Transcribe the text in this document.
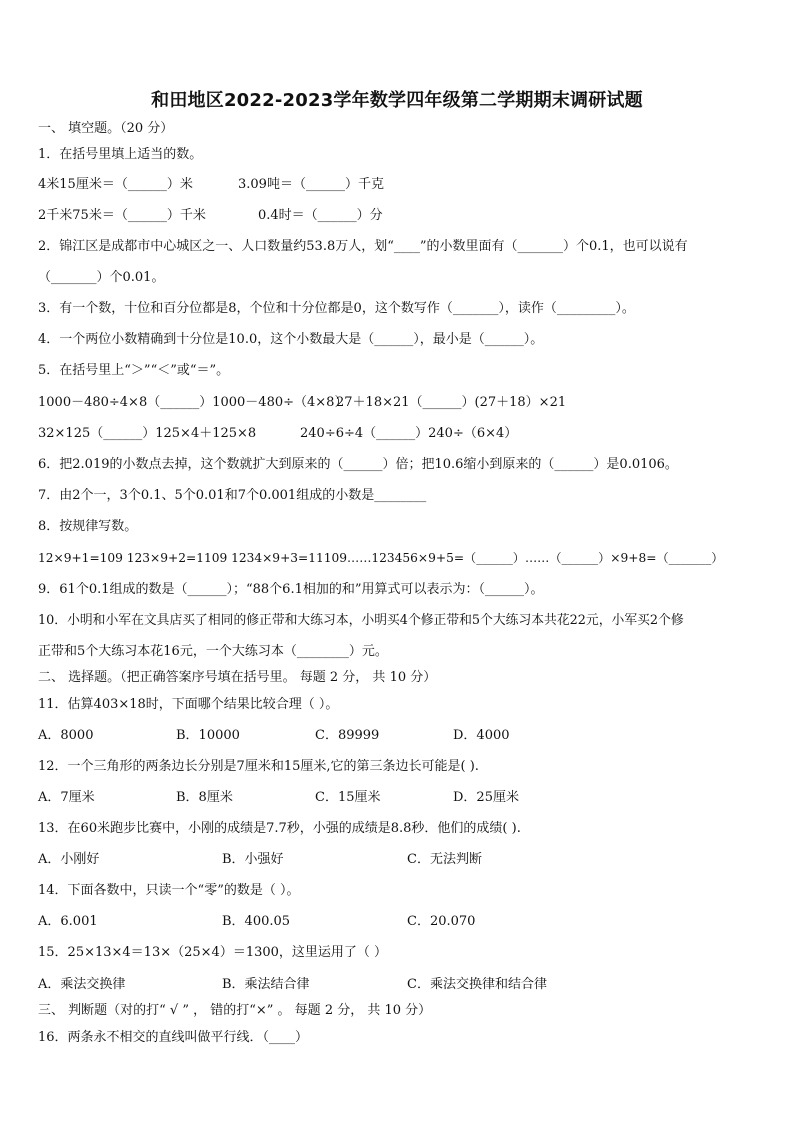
和田地区2022-2023学年数学四年级第二学期期末调研试题
一、 填空题。（20 分）
1．在括号里填上适当的数。
4米15厘米＝（______）米	3.09吨＝（______）千克
2千米75米＝（______）千米	0.4时＝（______）分
2．锦江区是成都市中心城区之一、人口数量约53.8万人，划“____”的小数里面有（_______）个0.1，也可以说有
（_______）个0.01。
3．有一个数，十位和百分位都是8，个位和十分位都是0，这个数写作（_______），读作（_________）。
4．一个两位小数精确到十分位是10.0，这个小数最大是（______），最小是（______）。
5．在括号里上“＞”“＜”或“＝”。
1000－480÷4×8（______）1000－480÷（4×8）
27＋18×21（______）(27＋18）×21
32×125（______）125×4＋125×8	240÷6÷4（______）240÷（6×4）
6．把2.019的小数点去掉，这个数就扩大到原来的（______）倍；把10.6缩小到原来的（______）是0.0106。
7．由2个一，3个0.1、5个0.01和7个0.001组成的小数是________
8．按规律写数。
12×9+1=109 123×9+2=1109 1234×9+3=11109……123456×9+5=（______）……（______）×9+8=（_______）
9．61个0.1组成的数是（______）；“88个6.1相加的和”用算式可以表示为：（______）。
10．小明和小军在文具店买了相同的修正带和大练习本，小明买4个修正带和5个大练习本共花22元，小军买2个修
正带和5个大练习本花16元，一个大练习本（________）元。
二、 选择题。（把正确答案序号填在括号里。 每题 2 分， 共 10 分）
11．估算403×18时，下面哪个结果比较合理（ ）。
A．8000	B．10000	C．89999	D．4000
12．一个三角形的两条边长分别是7厘米和15厘米,它的第三条边长可能是( ).
A．7厘米	B．8厘米	C．15厘米	D．25厘米
13．在60米跑步比赛中，小刚的成绩是7.7秒，小强的成绩是8.8秒．他们的成绩( ).
A．小刚好	B．小强好	C．无法判断
14．下面各数中，只读一个“零”的数是（ ）。
A．6.001	B．400.05	C．20.070
15．25×13×4＝13×（25×4）＝1300，这里运用了（ ）
A．乘法交换律	B．乘法结合律	C．乘法交换律和结合律
三、 判断题（对的打“ √ ” ， 错的打“×” 。 每题 2 分， 共 10 分）
16．两条永不相交的直线叫做平行线．（____）
